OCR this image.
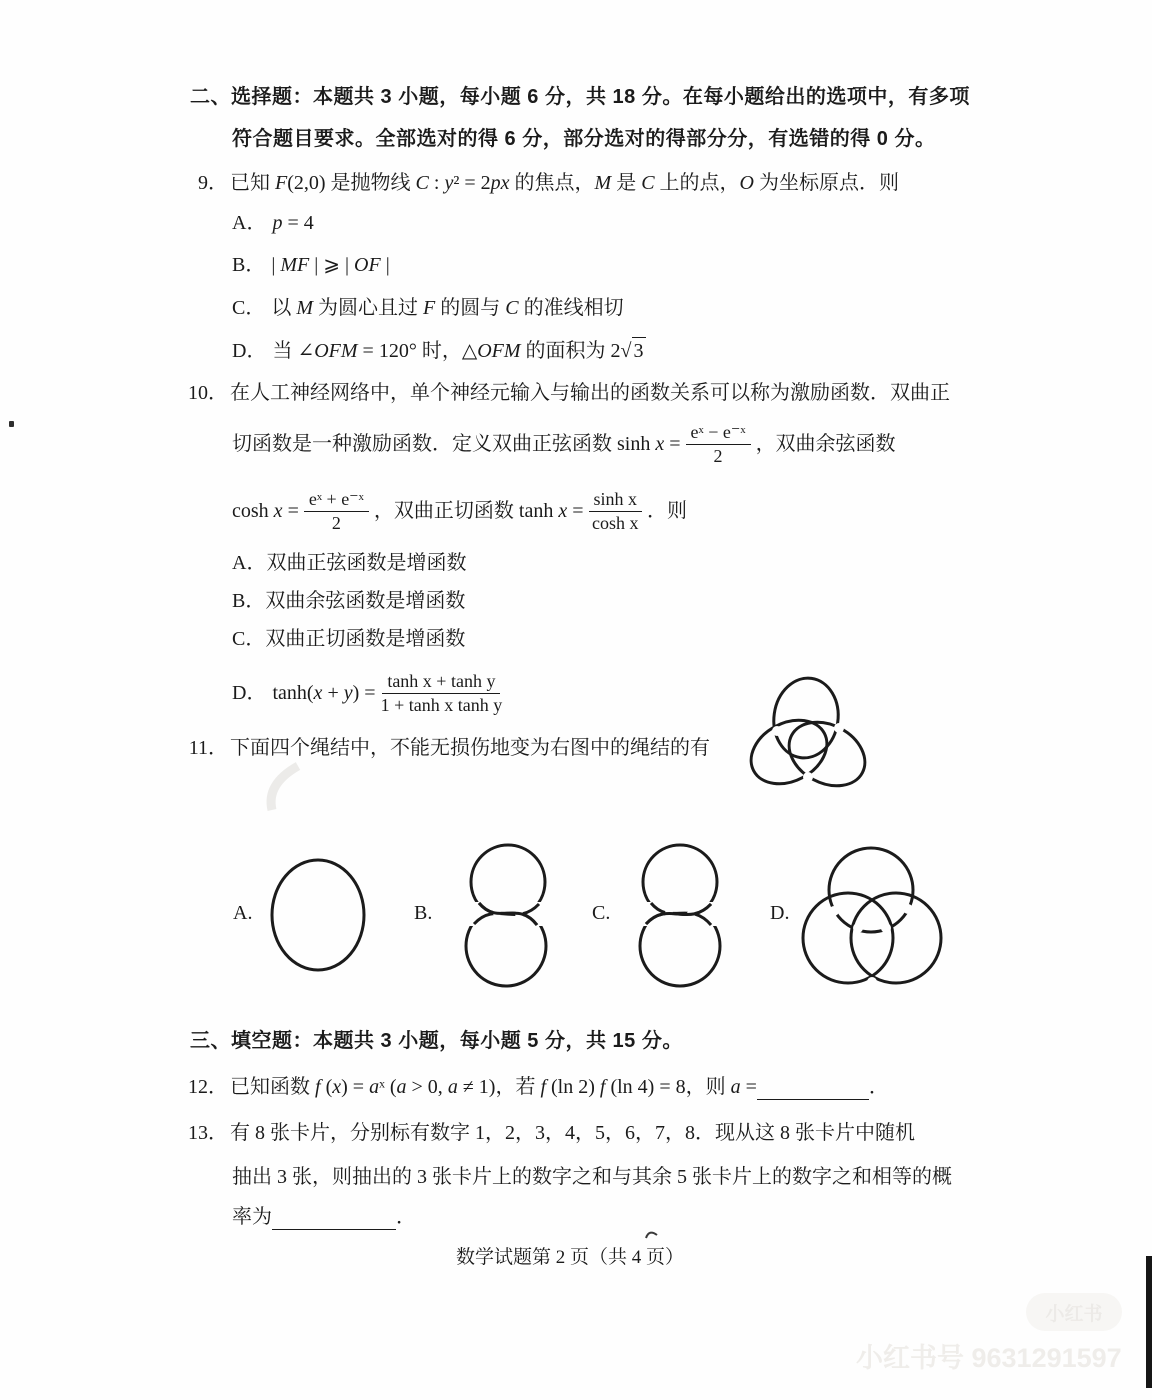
二、选择题：本题共 3 小题，每小题 6 分，共 18 分。在每小题给出的选项中，有多项
符合题目要求。全部选对的得 6 分，部分选对的得部分分，有选错的得 0 分。
9． 已知 F(2,0) 是抛物线 C : y² = 2px 的焦点，M 是 C 上的点，O 为坐标原点．则
A． p = 4
B． | MF | ⩾ | OF |
C． 以 M 为圆心且过 F 的圆与 C 的准线相切
D． 当 ∠OFM = 120° 时，△OFM 的面积为 2√ 3
10． 在人工神经网络中，单个神经元输入与输出的函数关系可以称为激励函数．双曲正
切函数是一种激励函数．定义双曲正弦函数 $\sinh x = \frac{\text{eˣ − e⁻ˣ}}{2}$ ，双曲余弦函数
$\cosh x = \frac{\text{eˣ + e⁻ˣ}}{2}$ ，双曲正切函数 $\tanh x = \frac{\text{sinh x}}{\text{cosh x}}$ ．则
A．双曲正弦函数是增函数
B．双曲余弦函数是增函数
C．双曲正切函数是增函数
D． $\tanh(x + y) = \frac{\text{tanh x + tanh y}}{\text{1 + tanh x tanh y}}$
11． 下面四个绳结中，不能无损伤地变为右图中的绳结的有
A.	B.	C.	D.
三、填空题：本题共 3 小题，每小题 5 分，共 15 分。
12． 已知函数 f (x) = aˣ (a > 0, a ≠ 1)，若 f (ln 2) f (ln 4) = 8，则 a =	．
13． 有 8 张卡片，分别标有数字 1，2，3，4，5，6，7，8．现从这 8 张卡片中随机
抽出 3 张，则抽出的 3 张卡片上的数字之和与其余 5 张卡片上的数字之和相等的概
率为	．
数学试题第 2 页（共 4 页）
小红书
小红书号 9631291597
